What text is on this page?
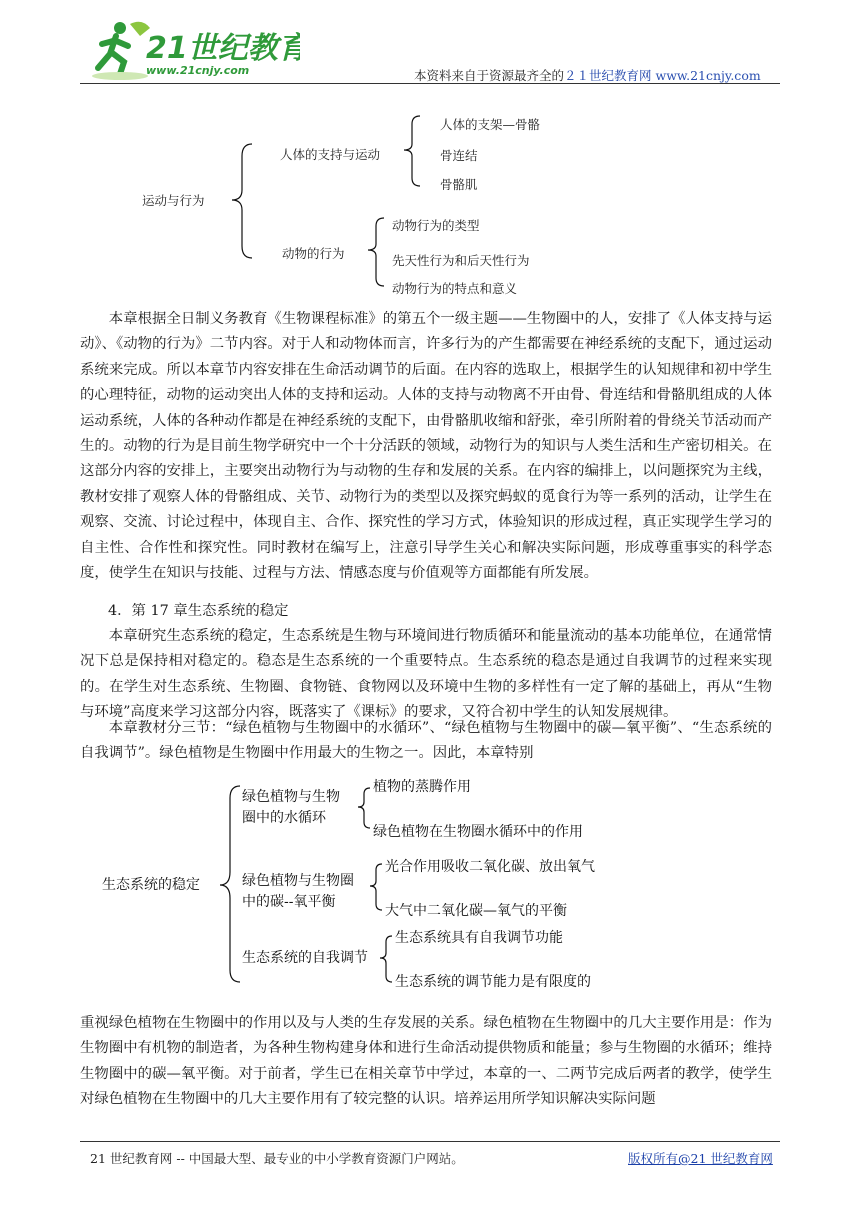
21世纪教育
www.21cnjy.com	本资料来自于资源最齐全的２１世纪教育网 www.21cnjy.com
运动与行为
人体的支持与运动
人体的支架—骨骼
骨连结
骨骼肌
动物的行为
动物行为的类型
先天性行为和后天性行为
动物行为的特点和意义

本章根据全日制义务教育《生物课程标准》的第五个一级主题——生物圈中的人，安排了《人体支持与运动》、《动物的行为》二节内容。对于人和动物体而言，许多行为的产生都需要在神经系统的支配下，通过运动系统来完成。所以本章节内容安排在生命活动调节的后面。在内容的选取上，根据学生的认知规律和初中学生的心理特征，动物的运动突出人体的支持和运动。人体的支持与动物离不开由骨、骨连结和骨骼肌组成的人体运动系统，人体的各种动作都是在神经系统的支配下，由骨骼肌收缩和舒张，牵引所附着的骨绕关节活动而产生的。动物的行为是目前生物学研究中一个十分活跃的领域，动物行为的知识与人类生活和生产密切相关。在这部分内容的安排上，主要突出动物行为与动物的生存和发展的关系。在内容的编排上，以问题探究为主线，教材安排了观察人体的骨骼组成、关节、动物行为的类型以及探究蚂蚁的觅食行为等一系列的活动，让学生在观察、交流、讨论过程中，体现自主、合作、探究性的学习方式，体验知识的形成过程，真正实现学生学习的自主性、合作性和探究性。同时教材在编写上，注意引导学生关心和解决实际问题，形成尊重事实的科学态度，使学生在知识与技能、过程与方法、情感态度与价值观等方面都能有所发展。

4．第 17 章生态系统的稳定

本章研究生态系统的稳定，生态系统是生物与环境间进行物质循环和能量流动的基本功能单位，在通常情况下总是保持相对稳定的。稳态是生态系统的一个重要特点。生态系统的稳态是通过自我调节的过程来实现的。在学生对生态系统、生物圈、食物链、食物网以及环境中生物的多样性有一定了解的基础上，再从“生物与环境”高度来学习这部分内容，既落实了《课标》的要求，又符合初中学生的认知发展规律。

本章教材分三节：“绿色植物与生物圈中的水循环”、“绿色植物与生物圈中的碳—氧平衡”、“生态系统的自我调节”。绿色植物是生物圈中作用最大的生物之一。因此，本章特别

生态系统的稳定
绿色植物与生物
圈中的水循环
植物的蒸腾作用
绿色植物在生物圈水循环中的作用
绿色植物与生物圈
中的碳--氧平衡
光合作用吸收二氧化碳、放出氧气
大气中二氧化碳—氧气的平衡
生态系统的自我调节
生态系统具有自我调节功能
生态系统的调节能力是有限度的

重视绿色植物在生物圈中的作用以及与人类的生存发展的关系。绿色植物在生物圈中的几大主要作用是：作为生物圈中有机物的制造者，为各种生物构建身体和进行生命活动提供物质和能量；参与生物圈的水循环；维持生物圈中的碳—氧平衡。对于前者，学生已在相关章节中学过，本章的一、二两节完成后两者的教学，使学生对绿色植物在生物圈中的几大主要作用有了较完整的认识。培养运用所学知识解决实际问题

21 世纪教育网 -- 中国最大型、最专业的中小学教育资源门户网站。	版权所有@21 世纪教育网
